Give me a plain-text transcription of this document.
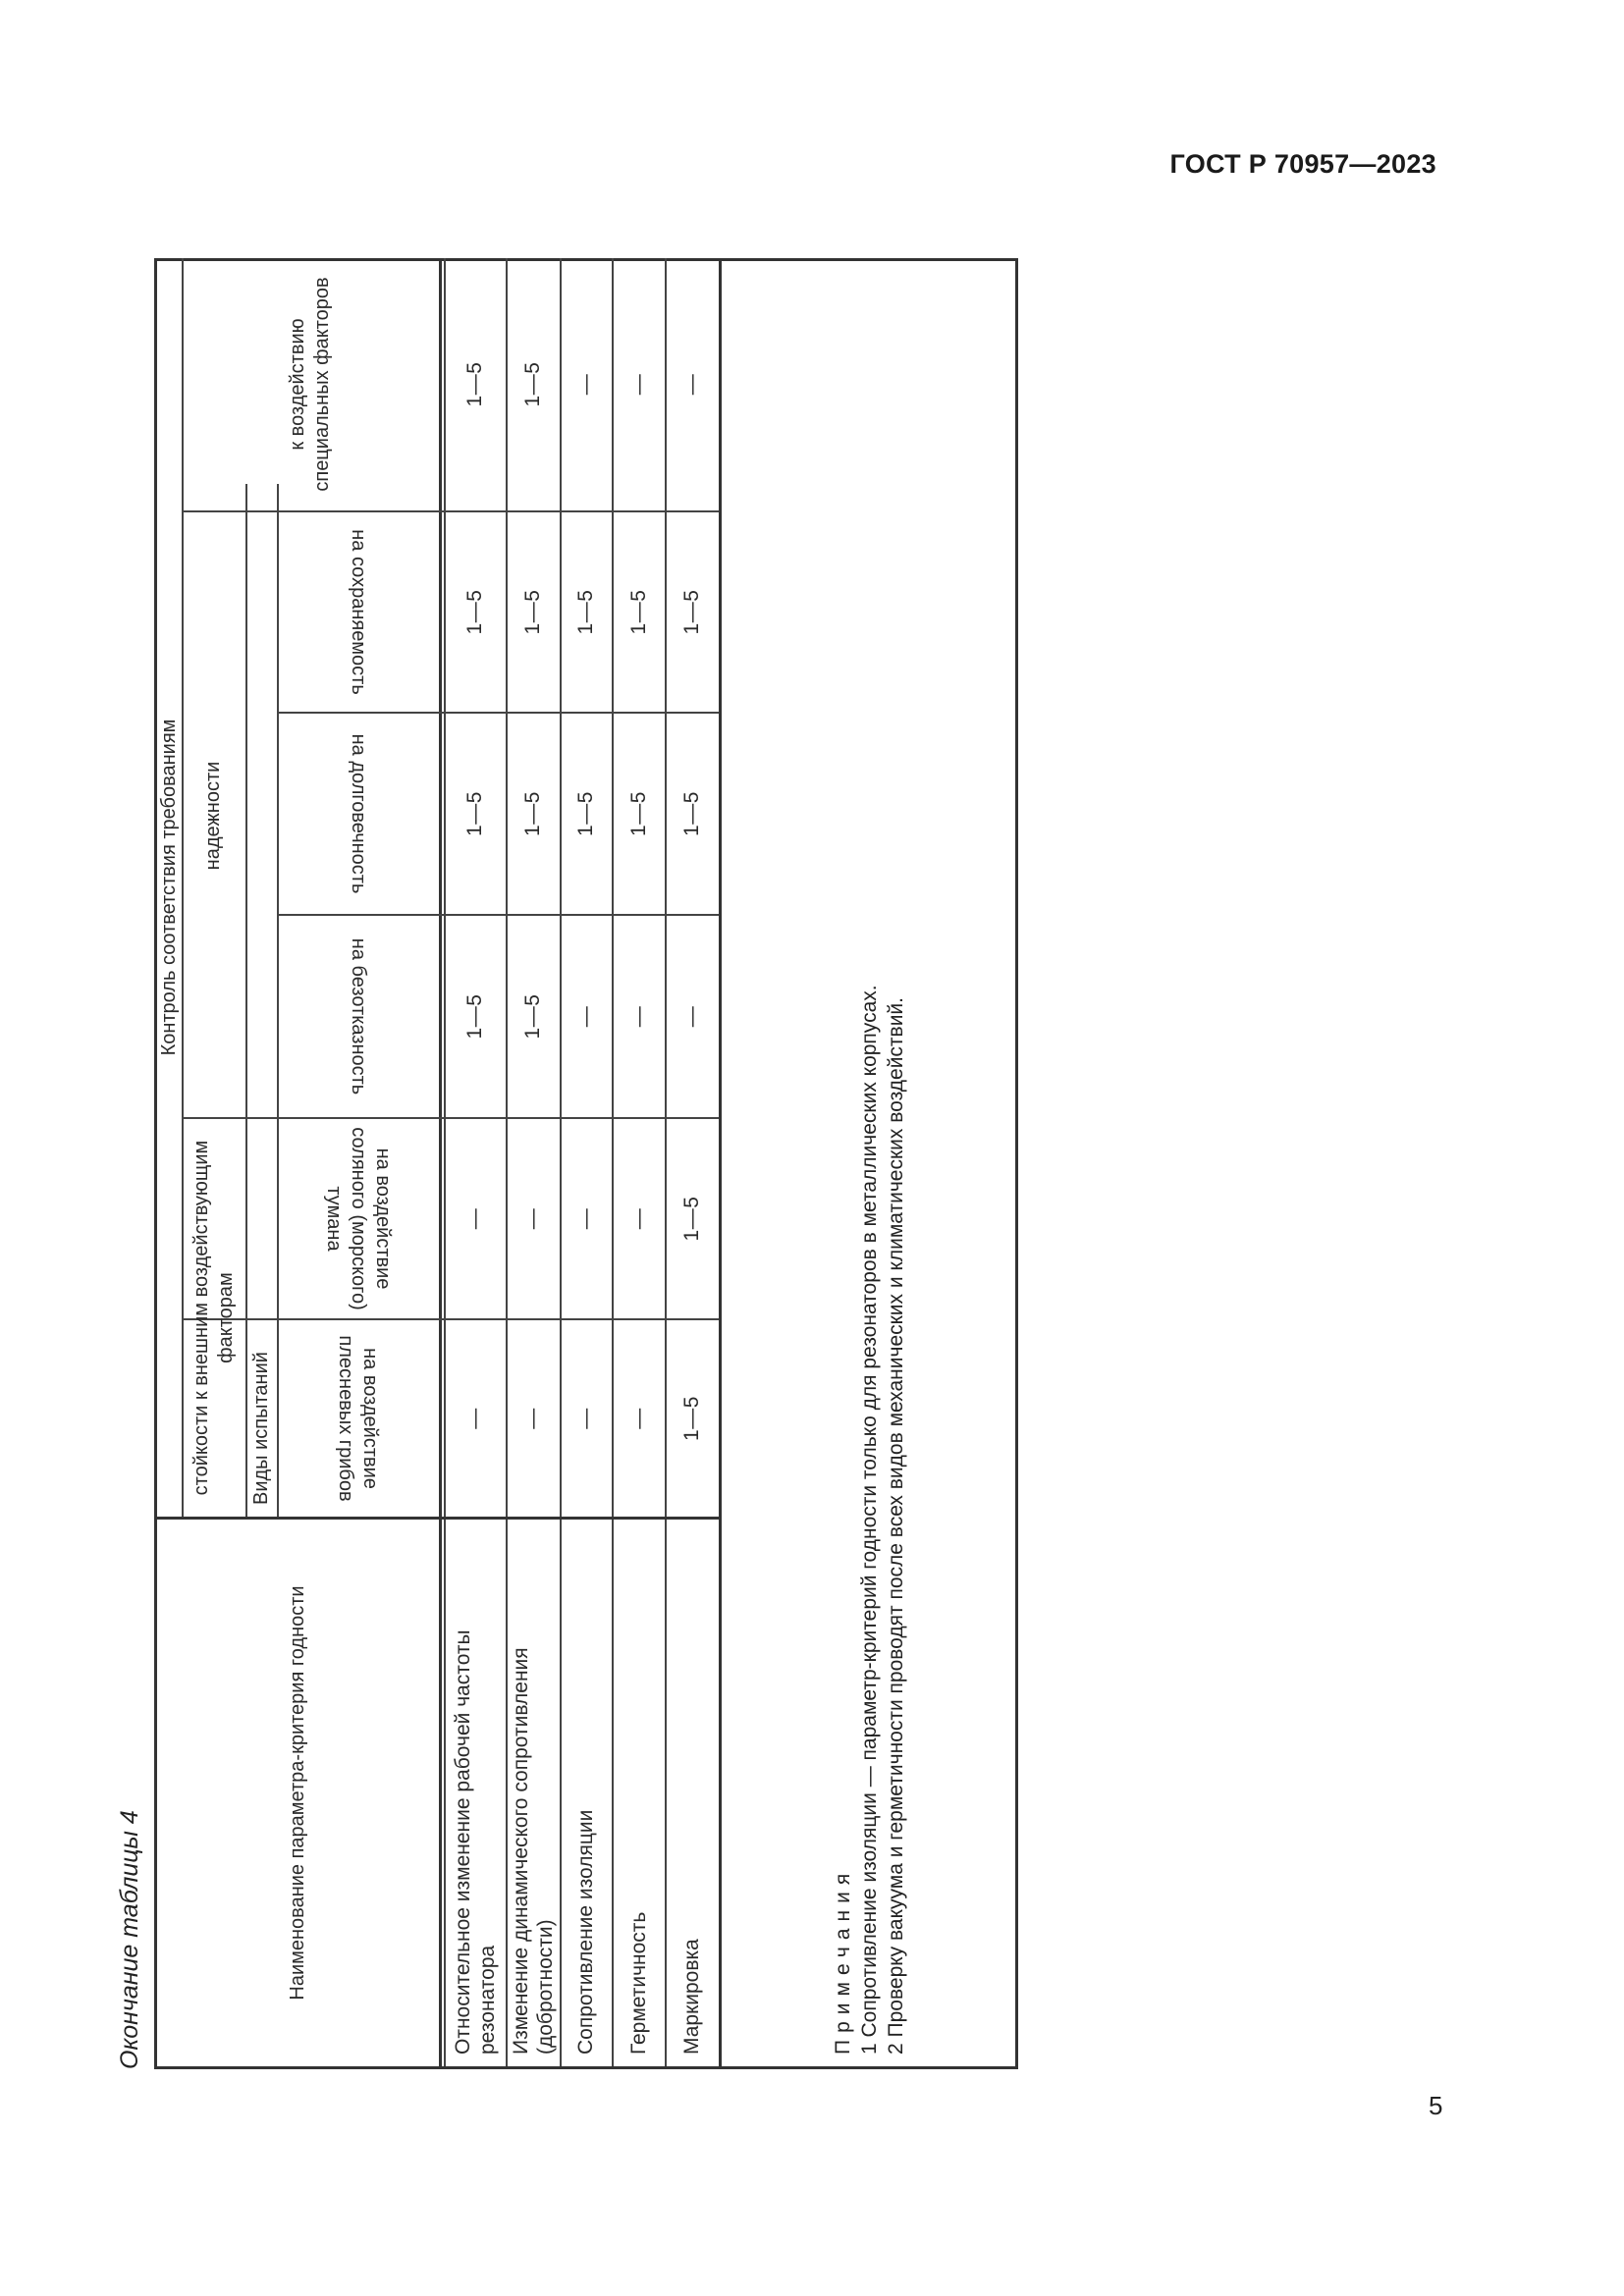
ГОСТ Р 70957—2023
Окончание таблицы 4	Наименование параметра-критерия годности
Контроль соответствия требованиям
стойкости к внешним воздействующим факторам
надежности
к воздействию специальных факторов
Виды испытаний	на воздействие плесневых грибов
на воздействие соляного (морского) тумана
на безотказность
на долговечность
на сохраняемость
Относительное изменение рабочей частоты резонатора
—
—
1—5
1—5
1—5
1—5
Изменение динамического сопротивления (добротности)
—
—
1—5
1—5
1—5
1—5
Сопротивление изоляции
—
—
—
1—5
1—5
—
Герметичность
—
—
—
1—5
1—5
—
Маркировка
1—5
1—5
—
1—5
1—5
—
Примечания 1 Сопротивление изоляции — параметр-критерий годности только для резонаторов в металлических корпусах. 2 Проверку вакуума и герметичности проводят после всех видов механических и климатических воздействий.
5
